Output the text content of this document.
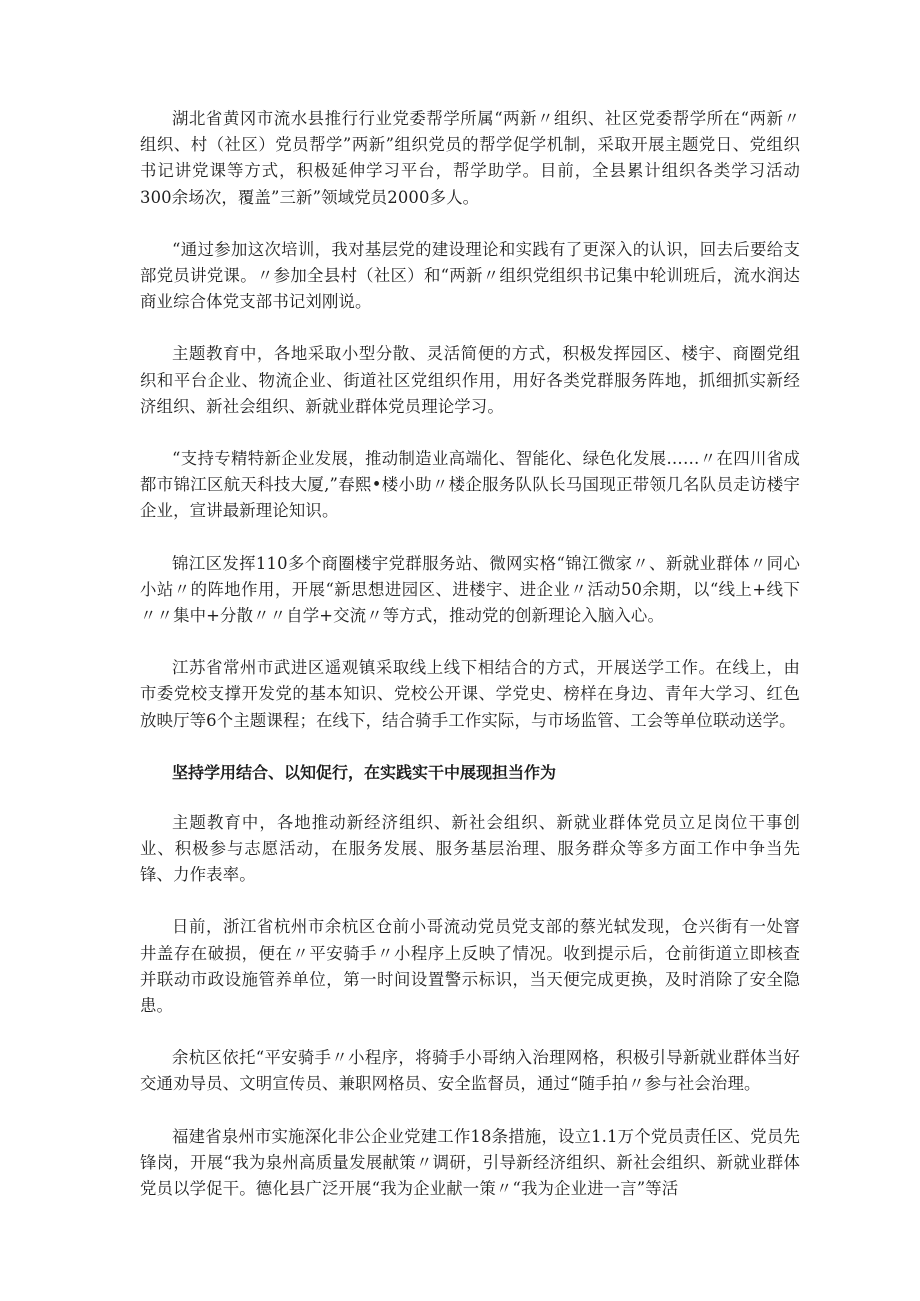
湖北省黄冈市流水县推行行业党委帮学所属“两新〃组织、社区党委帮学所在“两新〃组织、村（社区）党员帮学”两新”组织党员的帮学促学机制，采取开展主题党日、党组织书记讲党课等方式，积极延伸学习平台，帮学助学。目前，全县累计组织各类学习活动300余场次，覆盖”三新”领域党员2000多人。

“通过参加这次培训，我对基层党的建设理论和实践有了更深入的认识，回去后要给支部党员讲党课。〃参加全县村（社区）和“两新〃组织党组织书记集中轮训班后，流水润达商业综合体党支部书记刘刚说。

主题教育中，各地采取小型分散、灵活简便的方式，积极发挥园区、楼宇、商圈党组织和平台企业、物流企业、街道社区党组织作用，用好各类党群服务阵地，抓细抓实新经济组织、新社会组织、新就业群体党员理论学习。

“支持专精特新企业发展，推动制造业高端化、智能化、绿色化发展……〃在四川省成都市锦江区航天科技大厦,”春熙•楼小助〃楼企服务队队长马国现正带领几名队员走访楼宇企业，宣讲最新理论知识。

锦江区发挥110多个商圈楼宇党群服务站、微网实格“锦江微家〃、新就业群体〃同心小站〃的阵地作用，开展“新思想进园区、进楼宇、进企业〃活动50余期，以“线上+线下〃〃集中+分散〃〃自学+交流〃等方式，推动党的创新理论入脑入心。

江苏省常州市武进区遥观镇采取线上线下相结合的方式，开展送学工作。在线上，由市委党校支撑开发党的基本知识、党校公开课、学党史、榜样在身边、青年大学习、红色放映厅等6个主题课程；在线下，结合骑手工作实际，与市场监管、工会等单位联动送学。

坚持学用结合、以知促行，在实践实干中展现担当作为

主题教育中，各地推动新经济组织、新社会组织、新就业群体党员立足岗位干事创业、积极参与志愿活动，在服务发展、服务基层治理、服务群众等多方面工作中争当先锋、力作表率。

日前，浙江省杭州市余杭区仓前小哥流动党员党支部的蔡光轼发现，仓兴街有一处窨井盖存在破损，便在〃平安骑手〃小程序上反映了情况。收到提示后，仓前街道立即核查并联动市政设施管养单位，第一时间设置警示标识，当天便完成更换，及时消除了安全隐患。

余杭区依托“平安骑手〃小程序，将骑手小哥纳入治理网格，积极引导新就业群体当好交通劝导员、文明宣传员、兼职网格员、安全监督员，通过“随手拍〃参与社会治理。

福建省泉州市实施深化非公企业党建工作18条措施，设立1.1万个党员责任区、党员先锋岗，开展“我为泉州高质量发展献策〃调研，引导新经济组织、新社会组织、新就业群体党员以学促干。德化县广泛开展“我为企业献一策〃“我为企业进一言”等活
